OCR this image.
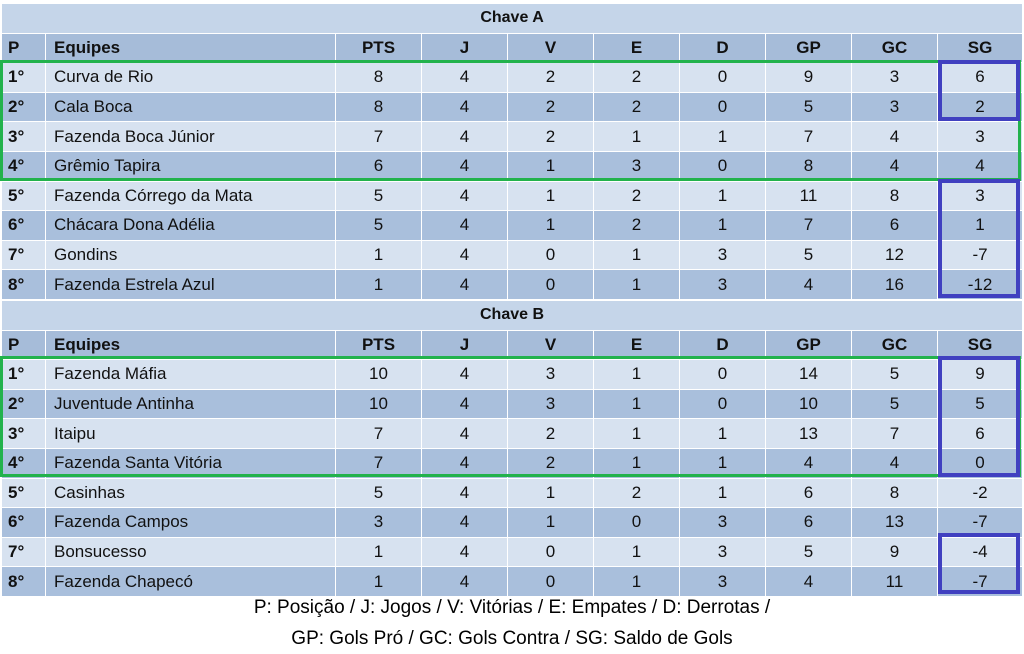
Chave A									
P	Equipes	PTS	J	V	E	D	GP	GC	SG
1°	Curva de Rio	8	4	2	2	0	9	3	6
2°	Cala Boca	8	4	2	2	0	5	3	2
3°	Fazenda Boca Júnior	7	4	2	1	1	7	4	3
4°	Grêmio Tapira	6	4	1	3	0	8	4	4
5°	Fazenda Córrego da Mata	5	4	1	2	1	11	8	3
6°	Chácara Dona Adélia	5	4	1	2	1	7	6	1
7°	Gondins	1	4	0	1	3	5	12	-7
8°	Fazenda Estrela Azul	1	4	0	1	3	4	16	-12
Chave B									
P	Equipes	PTS	J	V	E	D	GP	GC	SG
1°	Fazenda Máfia	10	4	3	1	0	14	5	9
2°	Juventude Antinha	10	4	3	1	0	10	5	5
3°	Itaipu	7	4	2	1	1	13	7	6
4°	Fazenda Santa Vitória	7	4	2	1	1	4	4	0
5°	Casinhas	5	4	1	2	1	6	8	-2
6°	Fazenda Campos	3	4	1	0	3	6	13	-7
7°	Bonsucesso	1	4	0	1	3	5	9	-4
8°	Fazenda Chapecó	1	4	0	1	3	4	11	-7
P: Posição / J: Jogos / V: Vitórias / E: Empates / D: Derrotas /
GP: Gols Pró / GC: Gols Contra / SG: Saldo de Gols
